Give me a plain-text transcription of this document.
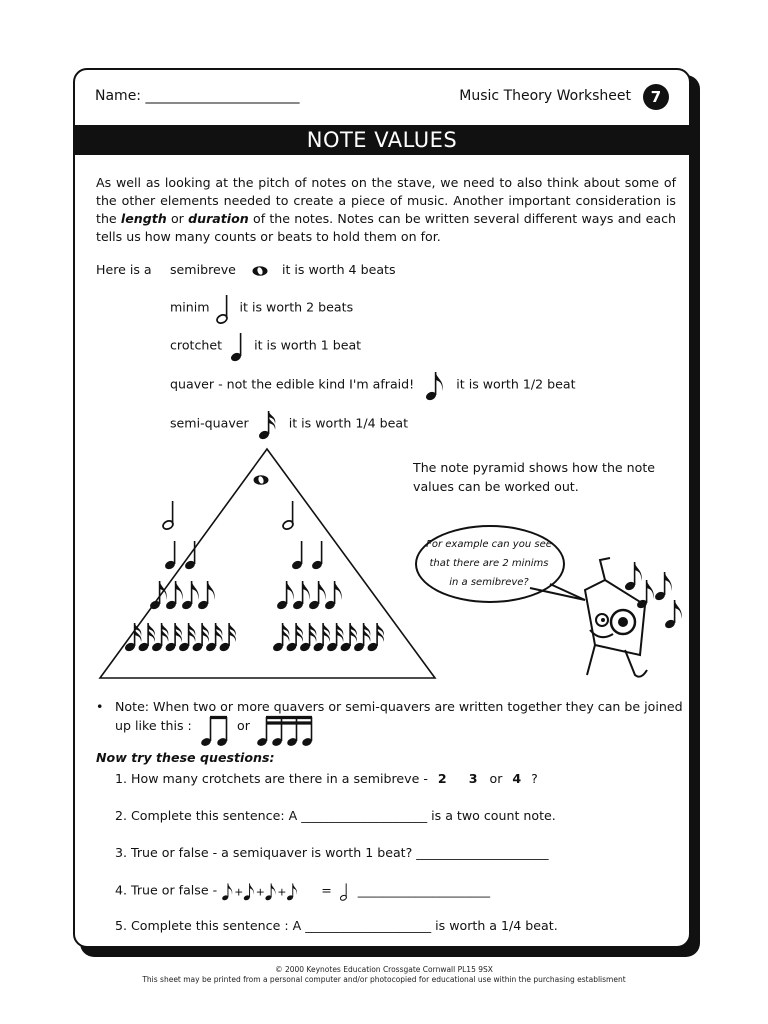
Name: ______________________	Music Theory Worksheet	7
NOTE VALUES
As well as looking at the pitch of notes on the stave, we need to also think about some of the other elements needed to create a piece of music. Another important consideration is the length or duration of the notes. Notes can be written several different ways and each tells us how many counts or beats to hold them on for.
Here is a semibreve	it is worth 4 beats
minim it is worth 2 beats
crotchet	it is worth 1 beat
quaver - not the edible kind I'm afraid!	it is worth 1/2 beat
semi-quaver	it is worth 1/4 beat
The note pyramid shows how the note
values can be worked out.
For example can you see
that there are 2 minims
in a semibreve?
• Note: When two or more quavers or semi-quavers are written together they can be joined
up like this :	or
Now try these questions:
1. How many crotchets are there in a semibreve - 2 3 or 4 ?
2. Complete this sentence: A ____________________ is a two count note.
3. True or false - a semiquaver is worth 1 beat? _____________________
4. True or false - + + +	= _____________________
5. Complete this sentence : A ____________________ is worth a 1/4 beat.
© 2000 Keynotes Education Crossgate Cornwall PL15 9SX
This sheet may be printed from a personal computer and/or photocopied for educational use within the purchasing establisment
